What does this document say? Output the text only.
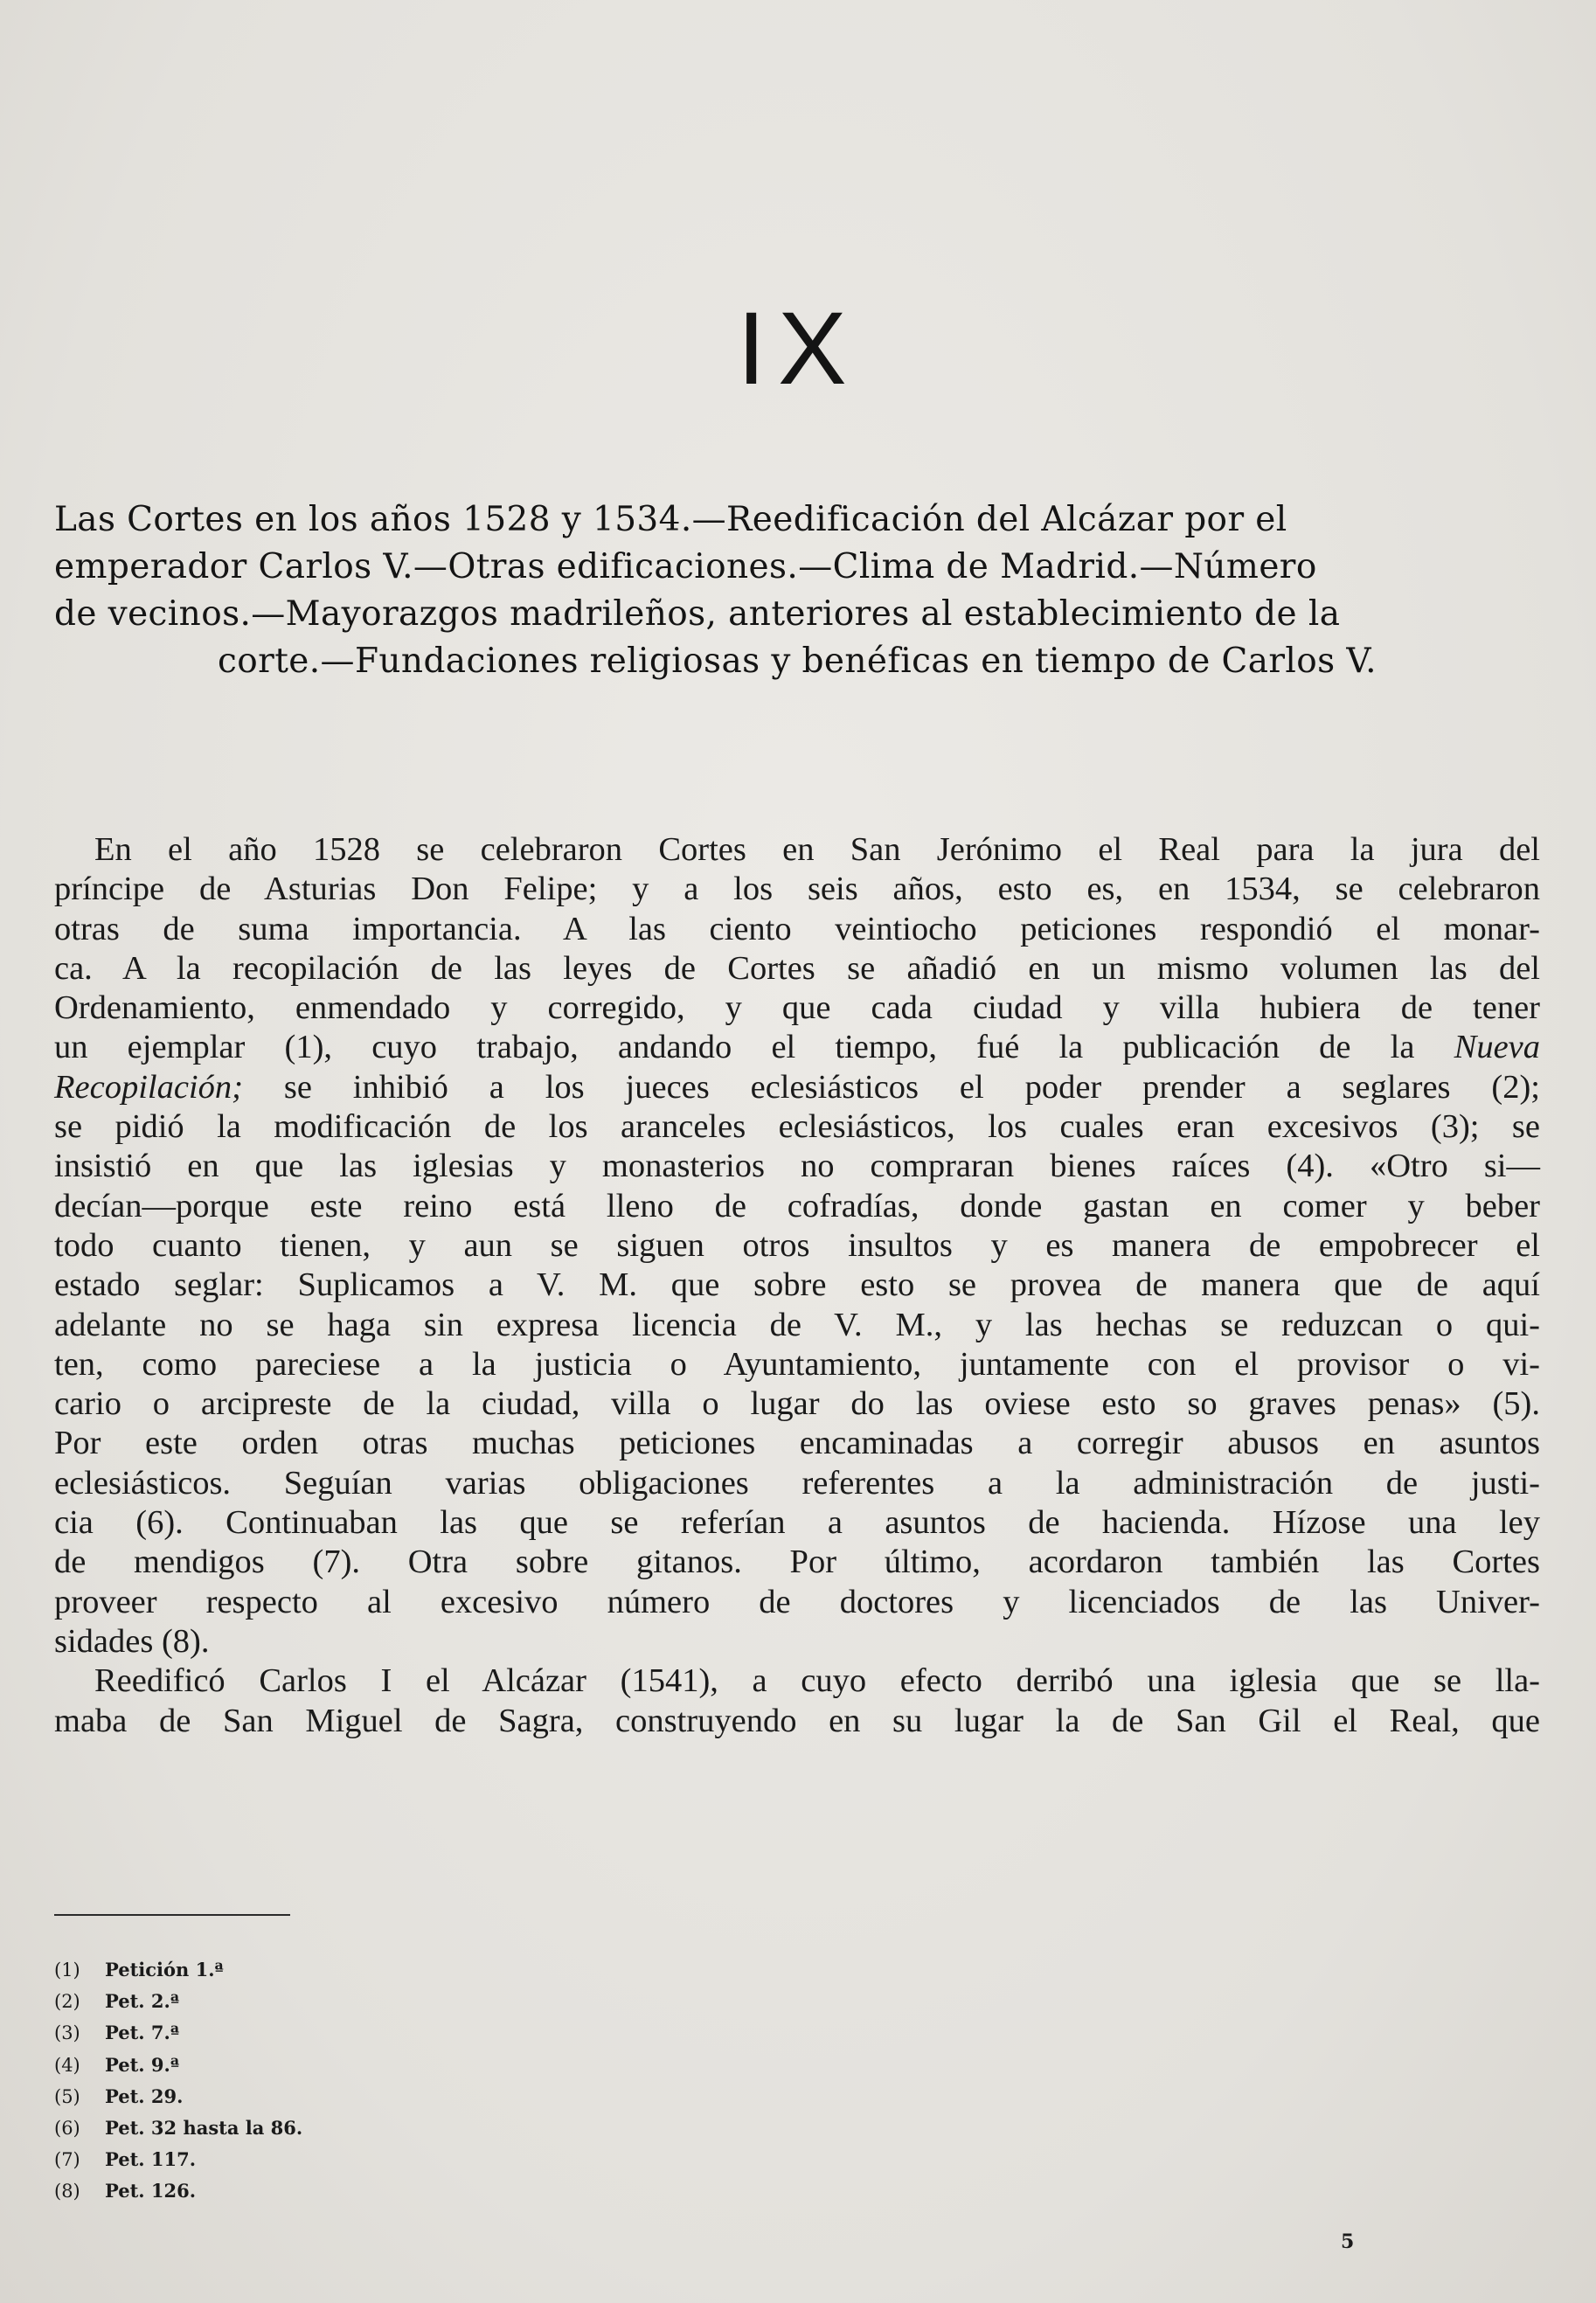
IX

Las Cortes en los años 1528 y 1534.—Reedificación del Alcázar por el
emperador Carlos V.—Otras edificaciones.—Clima de Madrid.—Número
de vecinos.—Mayorazgos madrileños, anteriores al establecimiento de la
corte.—Fundaciones religiosas y benéficas en tiempo de Carlos V.

En el año 1528 se celebraron Cortes en San Jerónimo el Real para la jura del
príncipe de Asturias Don Felipe; y a los seis años, esto es, en 1534, se celebraron
otras de suma importancia. A las ciento veintiocho peticiones respondió el monar-
ca. A la recopilación de las leyes de Cortes se añadió en un mismo volumen las del
Ordenamiento, enmendado y corregido, y que cada ciudad y villa hubiera de tener
un ejemplar (1), cuyo trabajo, andando el tiempo, fué la publicación de la Nueva
Recopilación; se inhibió a los jueces eclesiásticos el poder prender a seglares (2);
se pidió la modificación de los aranceles eclesiásticos, los cuales eran excesivos (3); se
insistió en que las iglesias y monasterios no compraran bienes raíces (4). «Otro si—
decían—porque este reino está lleno de cofradías, donde gastan en comer y beber
todo cuanto tienen, y aun se siguen otros insultos y es manera de empobrecer el
estado seglar: Suplicamos a V. M. que sobre esto se provea de manera que de aquí
adelante no se haga sin expresa licencia de V. M., y las hechas se reduzcan o qui-
ten, como pareciese a la justicia o Ayuntamiento, juntamente con el provisor o vi-
cario o arcipreste de la ciudad, villa o lugar do las oviese esto so graves penas» (5).
Por este orden otras muchas peticiones encaminadas a corregir abusos en asuntos
eclesiásticos. Seguían varias obligaciones referentes a la administración de justi-
cia (6). Continuaban las que se referían a asuntos de hacienda. Hízose una ley
de mendigos (7). Otra sobre gitanos. Por último, acordaron también las Cortes
proveer respecto al excesivo número de doctores y licenciados de las Univer-
sidades (8).
Reedificó Carlos I el Alcázar (1541), a cuyo efecto derribó una iglesia que se lla-
maba de San Miguel de Sagra, construyendo en su lugar la de San Gil el Real, que
(1) Petición 1.ª
(2) Pet. 2.ª
(3) Pet. 7.ª
(4) Pet. 9.ª
(5) Pet. 29.
(6) Pet. 32 hasta la 86.
(7) Pet. 117.
(8) Pet. 126.
5
